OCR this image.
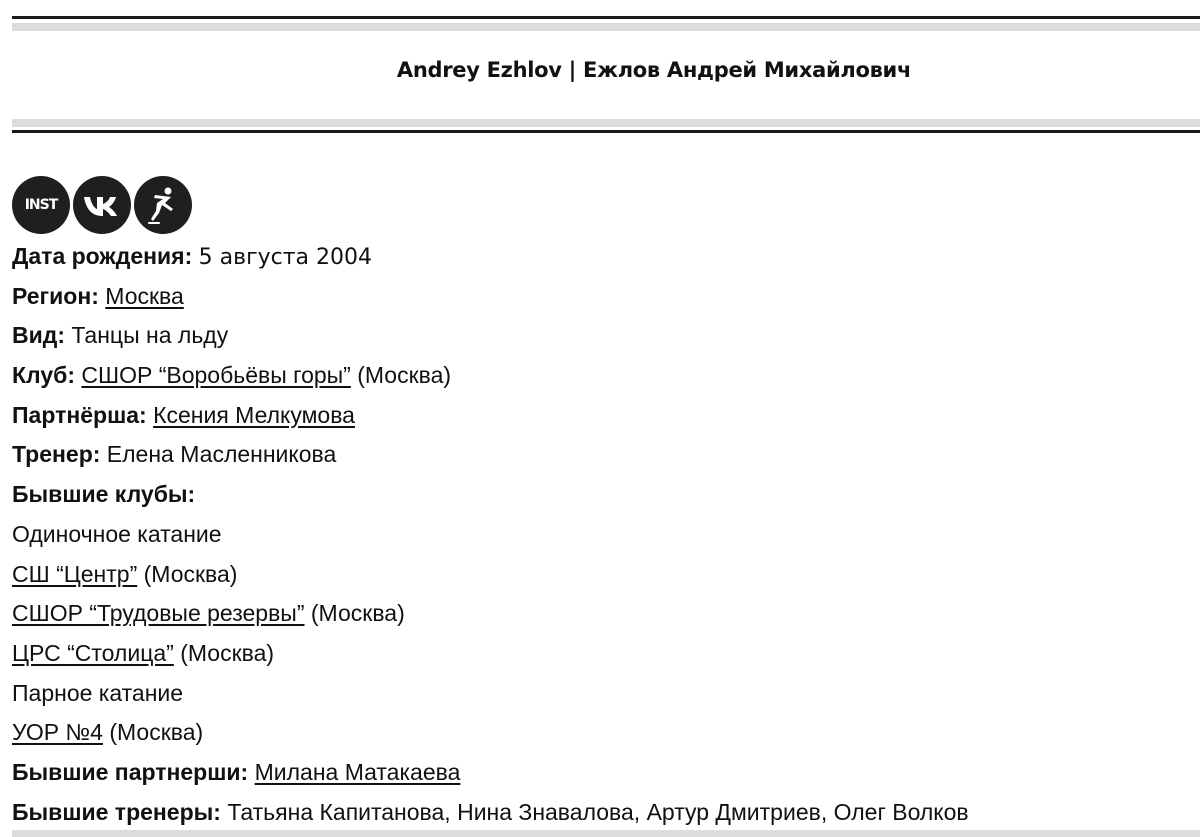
Andrey Ezhlov | Ежлов Андрей Михайлович
INST
Дата рождения: 5 августа 2004
Регион: Москва
Вид: Танцы на льду
Клуб: СШОР “Воробьёвы горы” (Москва)
Партнёрша: Ксения Мелкумова
Тренер: Елена Масленникова
Бывшие клубы:
Одиночное катание
СШ “Центр” (Москва)
СШОР “Трудовые резервы” (Москва)
ЦРС “Столица” (Москва)
Парное катание
УОР №4 (Москва)
Бывшие партнерши: Милана Матакаева
Бывшие тренеры: Татьяна Капитанова, Нина Знавалова, Артур Дмитриев, Олег Волков
